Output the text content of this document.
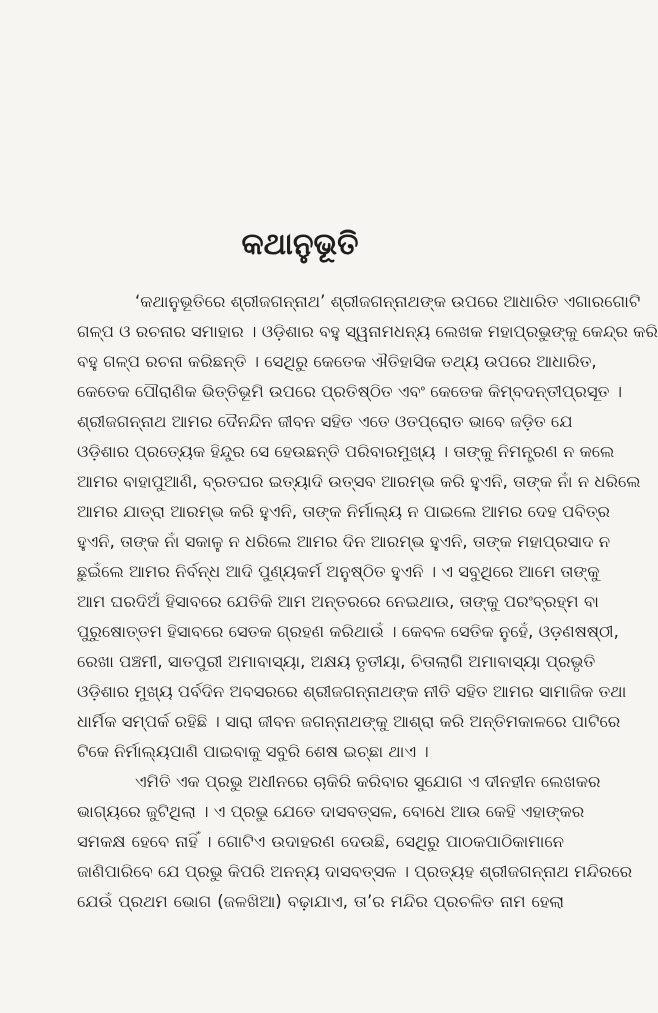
କଥାନୁଭୂତି
‘କଥାନୁଭୂତିରେ ଶ୍ରୀଜଗନ୍ନାଥ’ ଶ୍ରୀଜଗନ୍ନାଥଙ୍କ ଉପରେ ଆଧାରିତ ଏଗାରଗୋଟି
ଗଳ୍ପ ଓ ରଚନାର ସମାହାର । ଓଡ଼ିଶାର ବହୁ ସ୍ୱନାମଧନ୍ୟ ଲେଖକ ମହାପ୍ରଭୁଙ୍କୁ କେନ୍ଦ୍ର କରି
ବହୁ ଗଳ୍ପ ରଚନା କରିଛନ୍ତି । ସେଥିରୁ କେତେକ ଐତିହାସିକ ତଥ୍ୟ ଉପରେ ଆଧାରିତ,
କେତେକ ପୌରାଣିକ ଭିତ୍ତିଭୂମି ଉପରେ ପ୍ରତିଷ୍ଠିତ ଏବଂ କେତେକ କିମ୍ବଦନ୍ତୀପ୍ରସୂତ ।
ଶ୍ରୀଜଗନ୍ନାଥ ଆମର ଦୈନନ୍ଦିନ ଜୀବନ ସହିତ ଏତେ ଓତପ୍ରୋତ ଭାବେ ଜଡ଼ିତ ଯେ
ଓଡ଼ିଶାର ପ୍ରତ୍ୟେକ ହିନ୍ଦୁର ସେ ହେଉଛନ୍ତି ପରିବାରମୁଖ୍ୟ । ତାଙ୍କୁ ନିମନ୍ତ୍ରଣ ନ କଲେ
ଆମର ବାହାପୁଆଣି, ବ୍ରତଘର ଇତ୍ୟାଦି ଉତ୍ସବ ଆରମ୍ଭ କରି ହୁଏନି, ତାଙ୍କ ନାଁ ନ ଧରିଲେ
ଆମର ଯାତ୍ରା ଆରମ୍ଭ କରି ହୁଏନି, ତାଙ୍କ ନିର୍ମାଲ୍ୟ ନ ପାଇଲେ ଆମର ଦେହ ପବିତ୍ର
ହୁଏନି, ତାଙ୍କ ନାଁ ସକାଳୁ ନ ଧରିଲେ ଆମର ଦିନ ଆରମ୍ଭ ହୁଏନି, ତାଙ୍କ ମହାପ୍ରସାଦ ନ
ଛୁଇଁଲେ ଆମର ନିର୍ବନ୍ଧ ଆଦି ପୁଣ୍ୟକର୍ମ ଅନୁଷ୍ଠିତ ହୁଏନି । ଏ ସବୁଥିରେ ଆମେ ତାଙ୍କୁ
ଆମ ଘରଦିଅଁ ହିସାବରେ ଯେତିକି ଆମ ଅନ୍ତରରେ ନେଇଥାଉ, ତାଙ୍କୁ ପରଂବ୍ରହ୍ମ ବା
ପୁରୁଷୋତ୍ତମ ହିସାବରେ ସେତକ ଗ୍ରହଣ କରିଥାଉଁ । କେବଳ ସେତିକ ନୁହେଁ, ଓଡ଼ଣଷଷ୍ଠୀ,
ରେଖା ପଞ୍ଚମୀ, ସାତପୁରୀ ଅମାବାସ୍ୟା, ଅକ୍ଷୟ ତୃତୀୟା, ଚିତାଲାଗି ଅମାବାସ୍ୟା ପ୍ରଭୃତି
ଓଡ଼ିଶାର ମୁଖ୍ୟ ପର୍ବଦିନ ଅବସରରେ ଶ୍ରୀଜଗନ୍ନାଥଙ୍କ ନୀତି ସହିତ ଆମର ସାମାଜିକ ତଥା
ଧାର୍ମିକ ସମ୍ପର୍କ ରହିଛି । ସାରା ଜୀବନ ଜଗନ୍ନାଥଙ୍କୁ ଆଶ୍ରା କରି ଅନ୍ତିମକାଳରେ ପାଟିରେ
ଟିକେ ନିର୍ମାଲ୍ୟପାଣି ପାଇବାକୁ ସବୁରି ଶେଷ ଇଚ୍ଛା ଥାଏ ।
ଏମିତି ଏକ ପ୍ରଭୁ ଅଧୀନରେ ଚାକିରି କରିବାର ସୁଯୋଗ ଏ ଦୀନହୀନ ଲେଖକର
ଭାଗ୍ୟରେ ଜୁଟିଥିଲା । ଏ ପ୍ରଭୁ ଯେତେ ଦାସବତ୍ସଳ, ବୋଧେ ଆଉ କେହି ଏହାଙ୍କର
ସମକକ୍ଷ ହେବେ ନାହିଁ । ଗୋଟିଏ ଉଦାହରଣ ଦେଉଛି, ସେଥିରୁ ପାଠକପାଠିକାମାନେ
ଜାଣିପାରିବେ ଯେ ପ୍ରଭୁ କିପରି ଅନନ୍ୟ ଦାସବତ୍ସଳ । ପ୍ରତ୍ୟହ ଶ୍ରୀଜଗନ୍ନାଥ ମନ୍ଦିରରେ
ଯେଉଁ ପ୍ରଥମ ଭୋଗ (ଜଳଖିଆ) ବଢ଼ାଯାଏ, ତା’ର ମନ୍ଦିର ପ୍ରଚଳିତ ନାମ ହେଲା
